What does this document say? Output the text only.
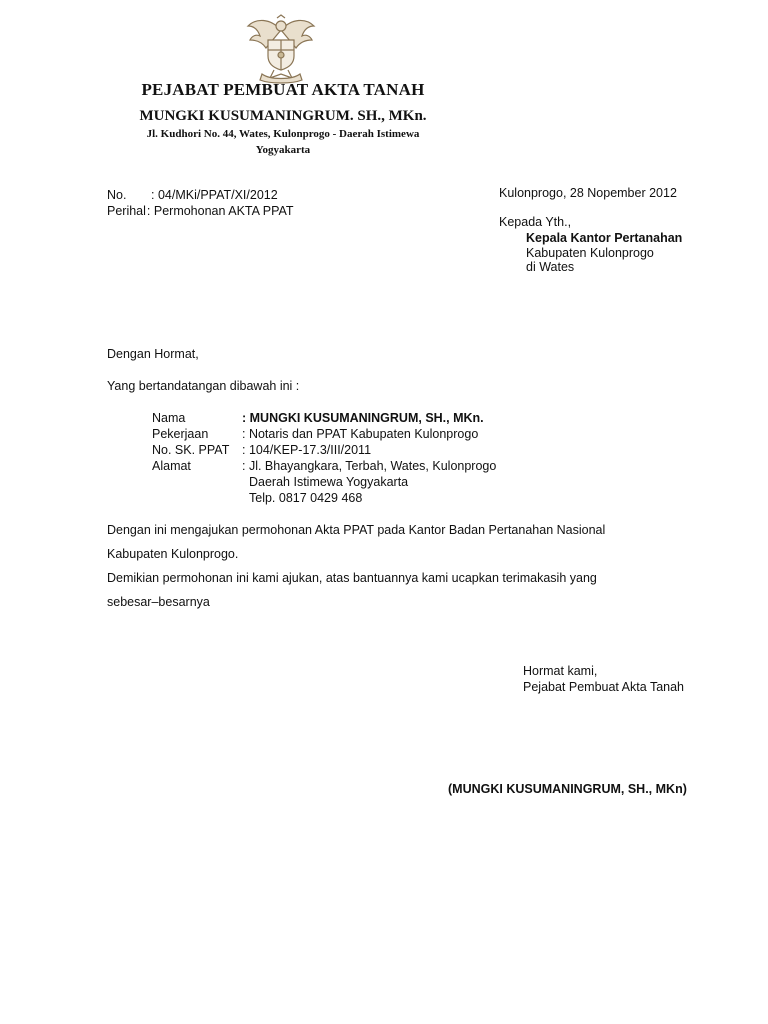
PEJABAT PEMBUAT AKTA TANAH
MUNGKI KUSUMANINGRUM. SH., MKn.
Jl. Kudhori No. 44, Wates, Kulonprogo - Daerah Istimewa
Yogyakarta
No. : 04/MKi/PPAT/XI/2012
Perihal: Permohonan AKTA PPAT
Kulonprogo, 28 Nopember 2012
Kepada Yth.,
Kepala Kantor Pertanahan
Kabupaten Kulonprogo
di Wates
Dengan Hormat,
Yang bertandatangan dibawah ini :
Nama	: MUNGKI KUSUMANINGRUM, SH., MKn.
Pekerjaan	: Notaris dan PPAT Kabupaten Kulonprogo
No. SK. PPAT : 104/KEP-17.3/III/2011
Alamat	: Jl. Bhayangkara, Terbah, Wates, Kulonprogo
Daerah Istimewa Yogyakarta
Telp. 0817 0429 468
Dengan ini mengajukan permohonan Akta PPAT pada Kantor Badan Pertanahan Nasional
Kabupaten Kulonprogo.
Demikian permohonan ini kami ajukan, atas bantuannya kami ucapkan terimakasih yang
sebesar–besarnya
Hormat kami,
Pejabat Pembuat Akta Tanah
(MUNGKI KUSUMANINGRUM, SH., MKn)
